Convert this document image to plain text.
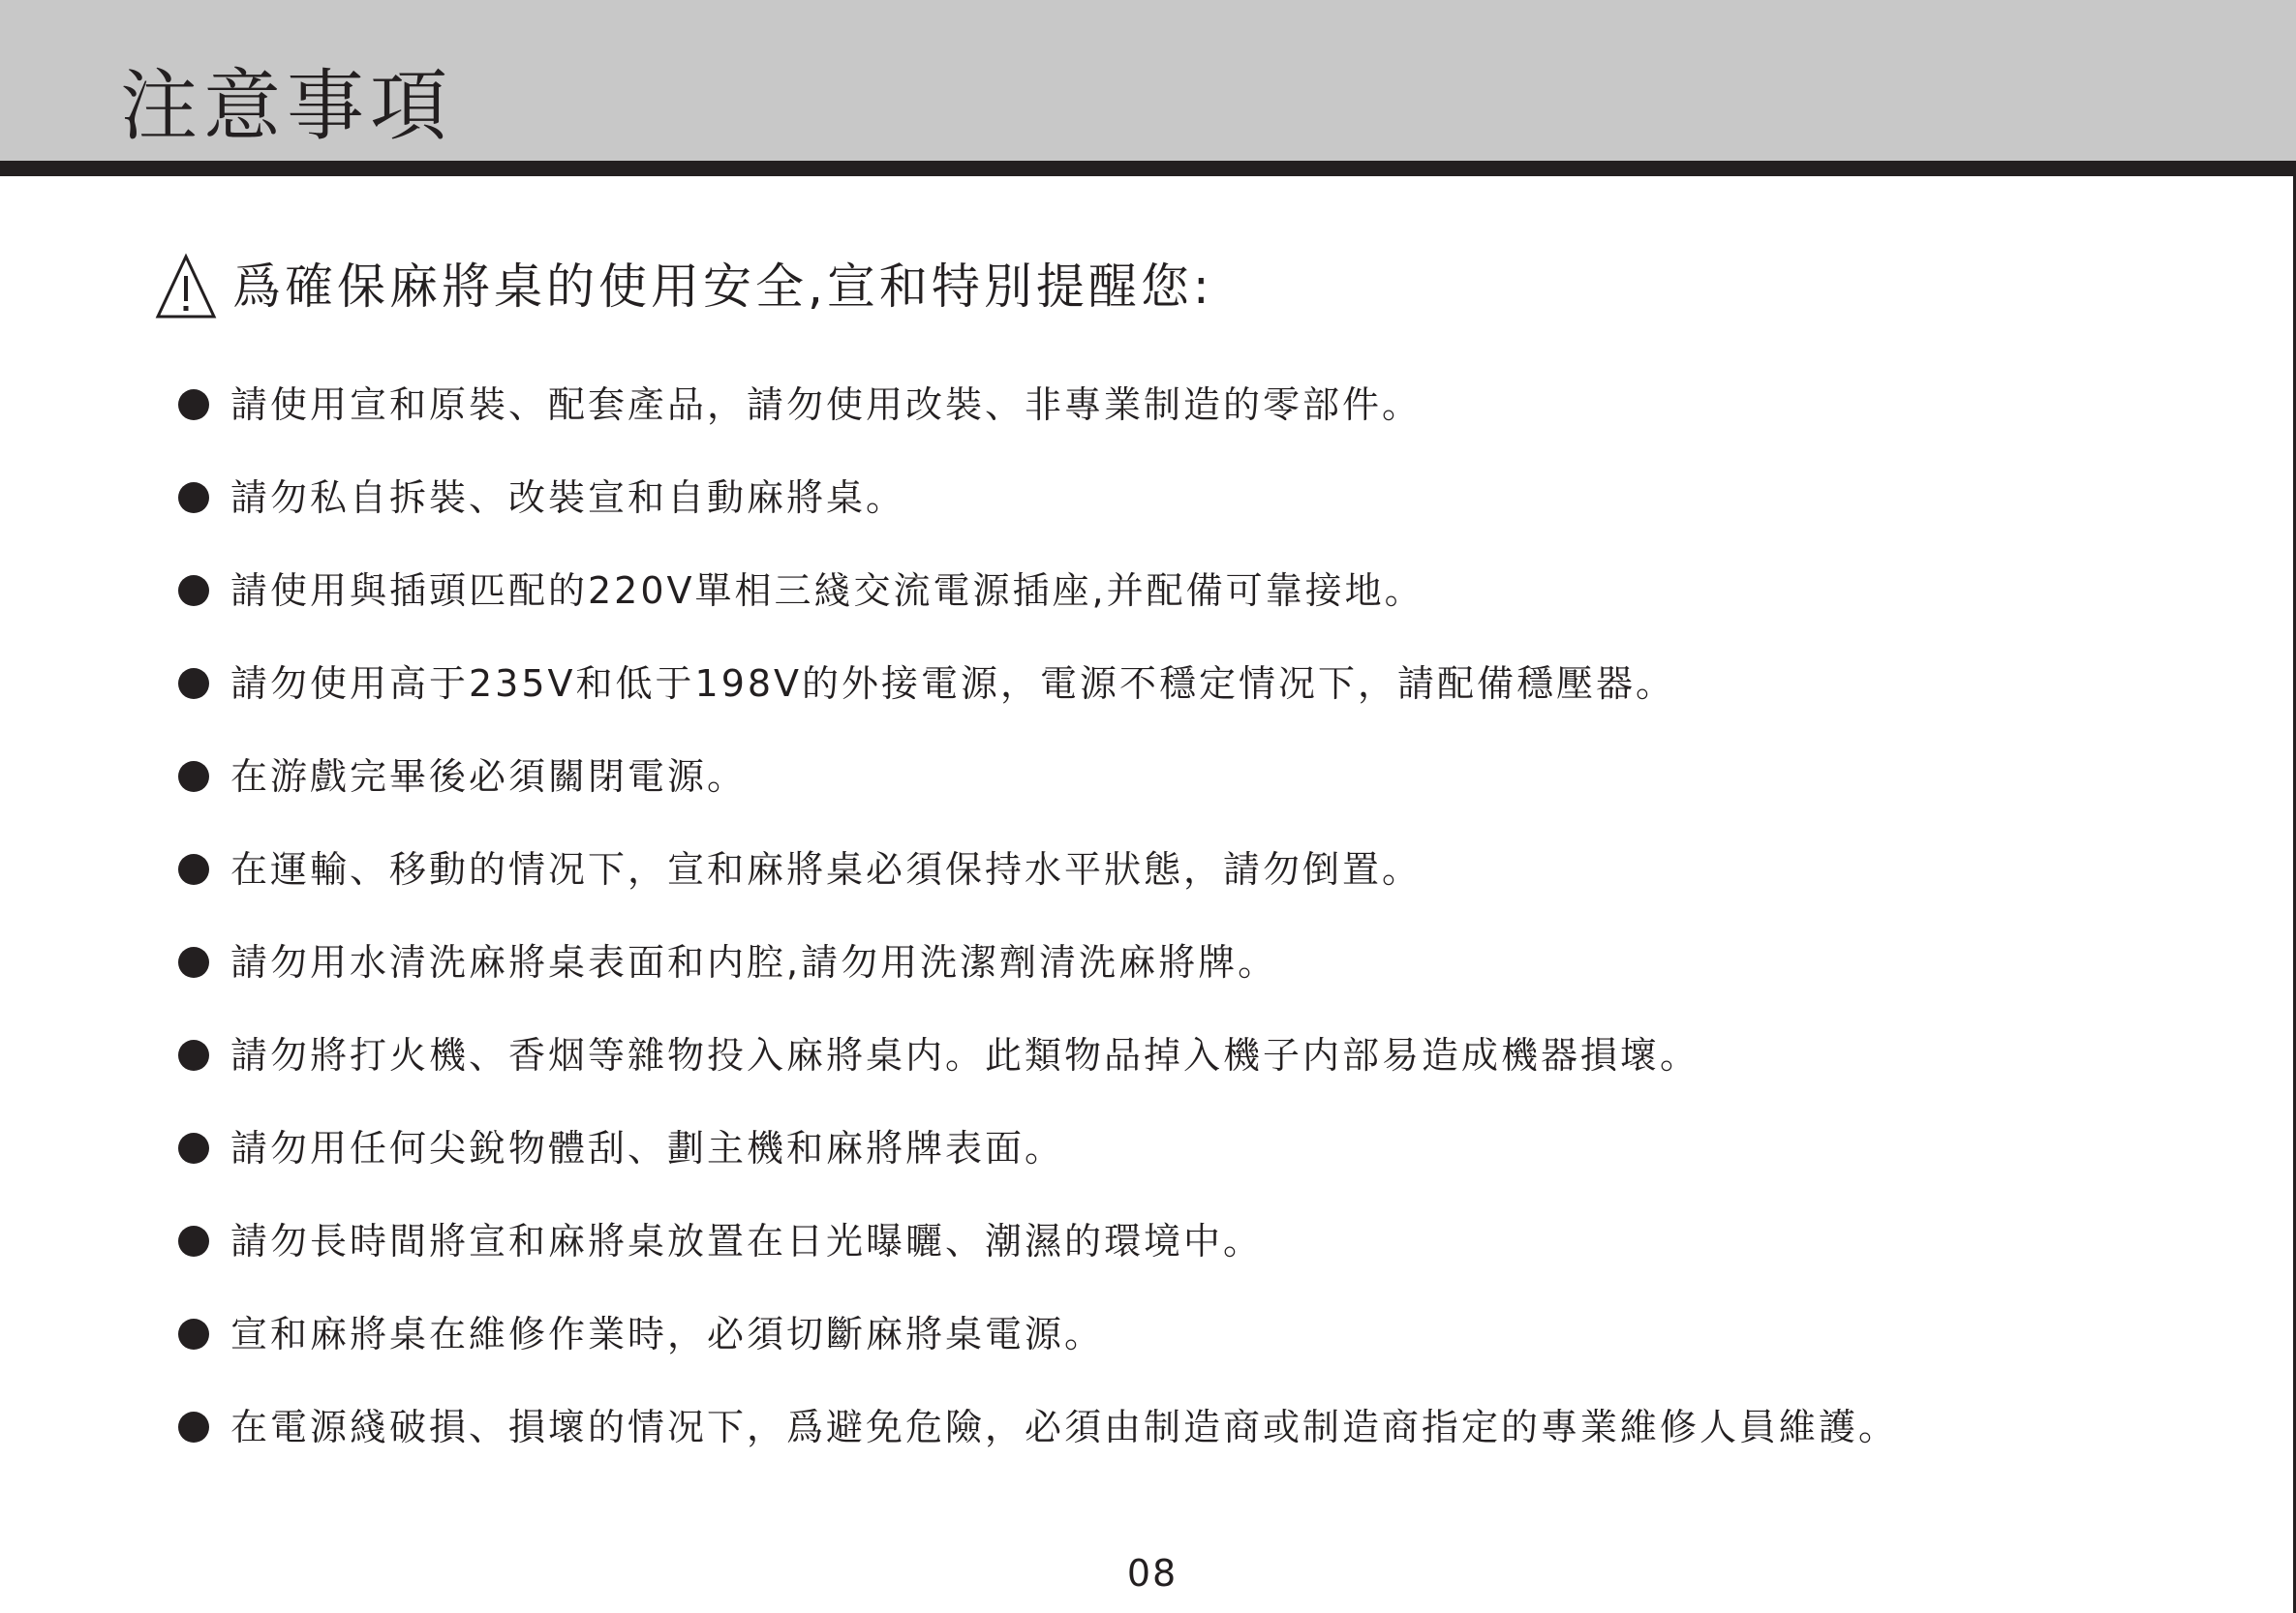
注意事項
爲確保麻將桌的使用安全,宣和特別提醒您:
請使用宣和原裝、配套產品，請勿使用改裝、非專業制造的零部件。
請勿私自拆裝、改裝宣和自動麻將桌。
請使用與插頭匹配的220V單相三綫交流電源插座,并配備可靠接地。
請勿使用高于235V和低于198V的外接電源，電源不穩定情况下，請配備穩壓器。
在游戲完畢後必須關閉電源。
在運輸、移動的情况下，宣和麻將桌必須保持水平狀態，請勿倒置。
請勿用水清洗麻將桌表面和内腔,請勿用洗潔劑清洗麻將牌。
請勿將打火機、香烟等雜物投入麻將桌内。此類物品掉入機子内部易造成機器損壞。
請勿用任何尖銳物體刮、劃主機和麻將牌表面。
請勿長時間將宣和麻將桌放置在日光曝曬、潮濕的環境中。
宣和麻將桌在維修作業時，必須切斷麻將桌電源。
在電源綫破損、損壞的情况下，爲避免危險，必須由制造商或制造商指定的專業維修人員維護。
08
